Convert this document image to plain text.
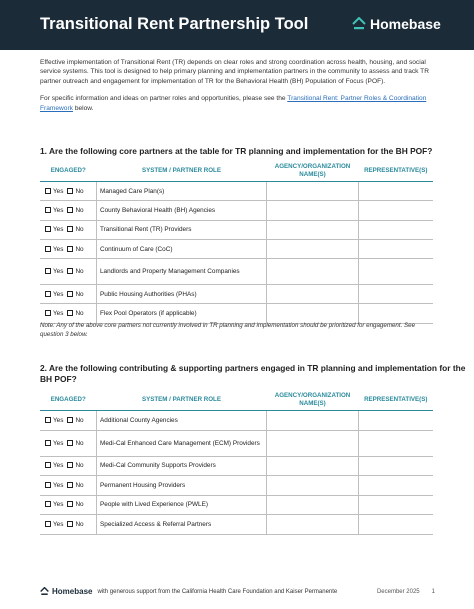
Transitional Rent Partnership Tool	Homebase

Effective implementation of Transitional Rent (TR) depends on clear roles and strong coordination across health, housing, and social service systems. This tool is designed to help primary planning and implementation partners in the community to assess and track TR partner outreach and engagement for implementation of TR for the Behavioral Health (BH) Population of Focus (POF).

For specific information and ideas on partner roles and opportunities, please see the Transitional Rent: Partner Roles & Coordination Framework below.

1. Are the following core partners at the table for TR planning and implementation for the BH POF?
ENGAGED?	SYSTEM / PARTNER ROLE	AGENCY/ORGANIZATION NAME(S)	REPRESENTATIVE(S)
Yes No	Managed Care Plan(s)		
Yes No	County Behavioral Health (BH) Agencies		
Yes No	Transitional Rent (TR) Providers		
Yes No	Continuum of Care (CoC)		
Yes No	Landlords and Property Management Companies		
Yes No	Public Housing Authorities (PHAs)		
Yes No	Flex Pool Operators (if applicable)		
Note: Any of the above core partners not currently involved in TR planning and implementation should be prioritized for engagement. See question 3 below.
2. Are the following contributing & supporting partners engaged in TR planning and implementation for the BH POF?
ENGAGED?	SYSTEM / PARTNER ROLE	AGENCY/ORGANIZATION NAME(S)	REPRESENTATIVE(S)
Yes No	Additional County Agencies		
Yes No	Medi-Cal Enhanced Care Management (ECM) Providers		
Yes No	Medi-Cal Community Supports Providers		
Yes No	Permanent Housing Providers		
Yes No	People with Lived Experience (PWLE)		
Yes No	Specialized Access & Referral Partners		
Homebase with generous support from the California Health Care Foundation and Kaiser Permanente	December 2025 1
